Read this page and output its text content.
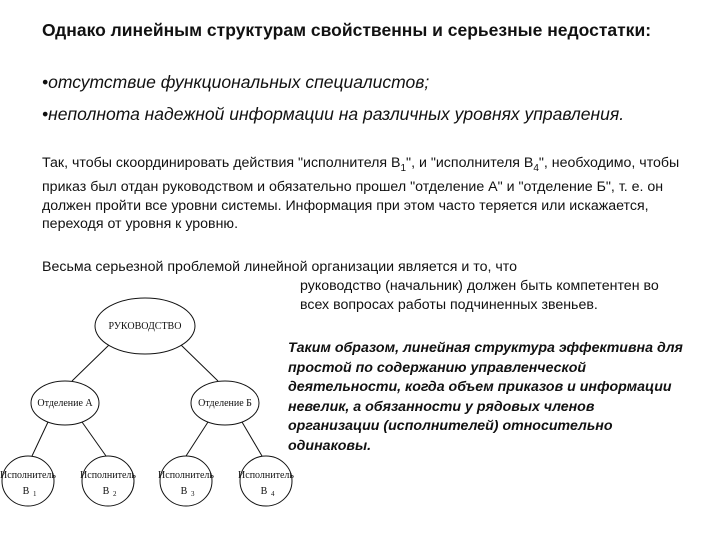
Однако линейным структурам свойственны и серьезные недостатки:

•отсутствие функциональных специалистов;

•неполнота надежной информации на различных уровнях управления.

Так, чтобы скоординировать действия "исполнителя $В_1$", и "исполнителя $В_4$", необходимо, чтобы приказ был отдан руководством и обязательно прошел "отделение А" и "отделение Б", т. е. он должен пройти все уровни системы. Информация при этом часто теряется или искажается, переходя от уровня к уровню.

Весьма серьезной проблемой линейной организации является и то, что

руководство (начальник) должен быть компетентен во всех вопросах работы подчиненных звеньев.

Таким образом, линейная структура эффективна для простой по содержанию управленческой деятельности, когда объем приказов и информации невелик, а обязанности у рядовых членов организации (исполнителей) относительно одинаковы.

РУКОВОДСТВО
Отделение А	Отделение Б
Исполнитель
В 1
Исполнитель
В 2
Исполнитель
В 3
Исполнитель
В 4
